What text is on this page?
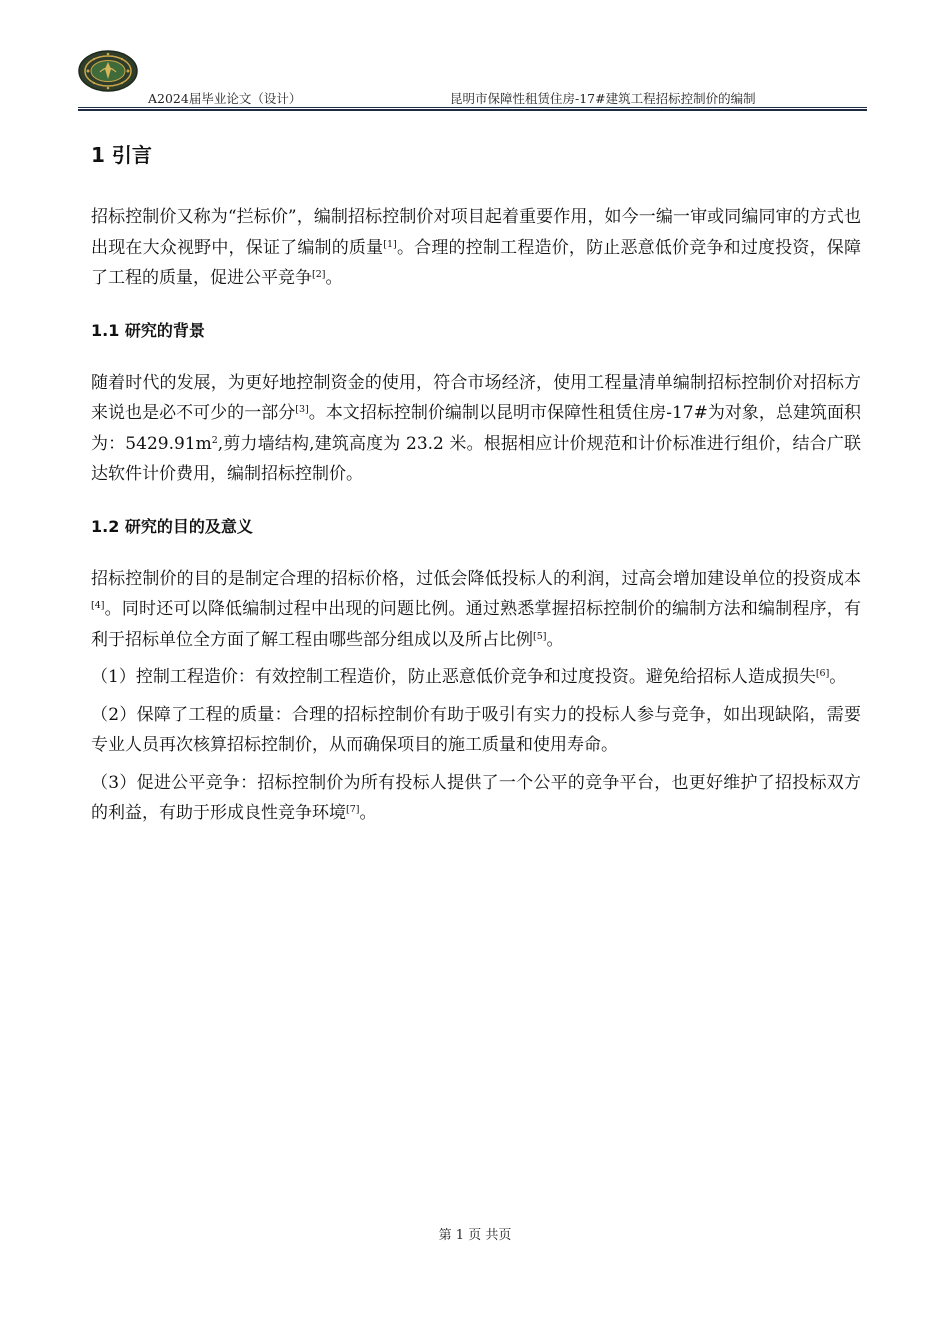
A2024届毕业论文（设计）	昆明市保障性租赁住房-17#建筑工程招标控制价的编制
1 引言

招标控制价又称为“拦标价”，编制招标控制价对项目起着重要作用，如今一编一审或同编同审的方式也出现在大众视野中，保证了编制的质量[1]。合理的控制工程造价，防止恶意低价竞争和过度投资，保障了工程的质量，促进公平竞争[2]。

1.1 研究的背景

随着时代的发展，为更好地控制资金的使用，符合市场经济，使用工程量清单编制招标控制价对招标方来说也是必不可少的一部分[3]。本文招标控制价编制以昆明市保障性租赁住房-17#为对象，总建筑面积为：$5429.91m^2$,剪力墙结构,建筑高度为 23.2 米。根据相应计价规范和计价标准进行组价，结合广联达软件计价费用，编制招标控制价。

1.2 研究的目的及意义

招标控制价的目的是制定合理的招标价格，过低会降低投标人的利润，过高会增加建设单位的投资成本[4]。同时还可以降低编制过程中出现的问题比例。通过熟悉掌握招标控制价的编制方法和编制程序，有利于招标单位全方面了解工程由哪些部分组成以及所占比例[5]。

（1）控制工程造价：有效控制工程造价，防止恶意低价竞争和过度投资。避免给招标人造成损失[6]。

（2）保障了工程的质量：合理的招标控制价有助于吸引有实力的投标人参与竞争，如出现缺陷，需要专业人员再次核算招标控制价，从而确保项目的施工质量和使用寿命。

（3）促进公平竞争：招标控制价为所有投标人提供了一个公平的竞争平台，也更好维护了招投标双方的利益，有助于形成良性竞争环境[7]。

第 1 页 共页
